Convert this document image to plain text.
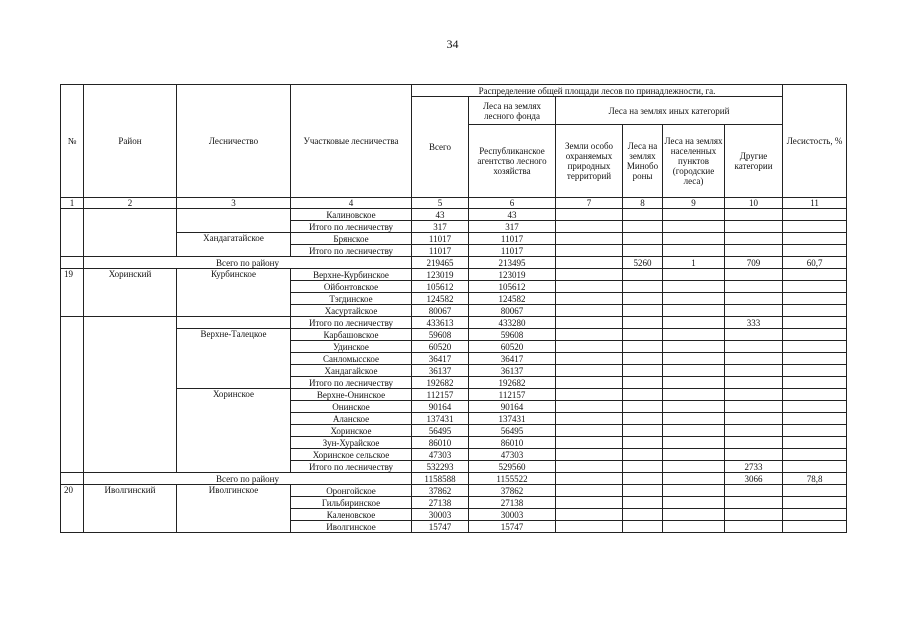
34
№	Район	Лесничество	Участковые лесничества	Распределение общей площади лесов по принадлежности, га.						Лесистость, %
				Всего	Леса на землях лесного фонда	Леса на землях иных категорий				
					Республиканское агентство лесного хозяйства	Земли особо охраняемых природных территорий	Леса на землях Минобо роны	Леса на землях населенных пунктов (городские леса)	Другие категории	
1	2	3	4	5	6	7	8	9	10	11
			Калиновское	43	43					
			Итого по лесничеству	317	317					
		Хандагатайское	Брянское	11017	11017					
			Итого по лесничеству	11017	11017					
	Всего по району			219465	213495		5260	1	709	60,7
19	Хоринский	Курбинское	Верхне-Курбинское	123019	123019					
			Ойбонтовское	105612	105612					
			Тэгдинское	124582	124582					
			Хасуртайское	80067	80067					
			Итого по лесничеству	433613	433280				333	
		Верхне-Талецкое	Карбашовское	59608	59608					
			Удинское	60520	60520					
			Санломысское	36417	36417					
			Хандагайское	36137	36137					
			Итого по лесничеству	192682	192682					
		Хоринское	Верхне-Онинское	112157	112157					
			Онинское	90164	90164					
			Аланское	137431	137431					
			Хоринское	56495	56495					
			Зун-Хурайское	86010	86010					
			Хоринское сельское	47303	47303					
			Итого по лесничеству	532293	529560				2733	
	Всего по району			1158588	1155522				3066	78,8
20	Иволгинский	Иволгинское	Оронгойское	37862	37862					
			Гильбиринское	27138	27138					
			Каленовское	30003	30003					
			Иволгинское	15747	15747					
